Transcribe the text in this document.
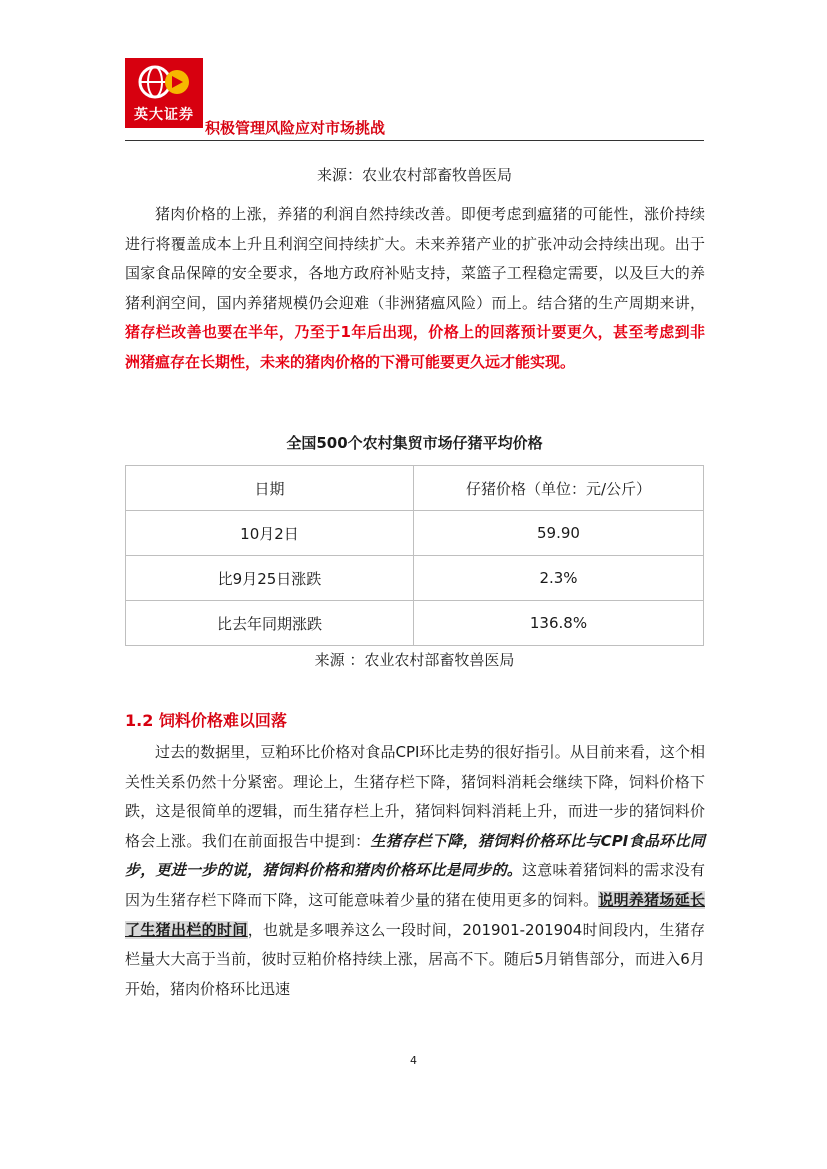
英大证券
积极管理风险应对市场挑战
来源：农业农村部畜牧兽医局
猪肉价格的上涨，养猪的利润自然持续改善。即便考虑到瘟猪的可能性，涨价持续进行将覆盖成本上升且利润空间持续扩大。未来养猪产业的扩张冲动会持续出现。出于国家食品保障的安全要求，各地方政府补贴支持，菜篮子工程稳定需要，以及巨大的养猪利润空间，国内养猪规模仍会迎难（非洲猪瘟风险）而上。结合猪的生产周期来讲，猪存栏改善也要在半年，乃至于1年后出现，价格上的回落预计要更久，甚至考虑到非洲猪瘟存在长期性，未来的猪肉价格的下滑可能要更久远才能实现。
全国500个农村集贸市场仔猪平均价格
日期	仔猪价格（单位：元/公斤）
10月2日	59.90
比9月25日涨跌	2.3%
比去年同期涨跌	136.8%
来源 ：农业农村部畜牧兽医局
1.2 饲料价格难以回落
过去的数据里，豆粕环比价格对食品CPI环比走势的很好指引。从目前来看，这个相关性关系仍然十分紧密。理论上，生猪存栏下降，猪饲料消耗会继续下降，饲料价格下跌，这是很简单的逻辑，而生猪存栏上升，猪饲料饲料消耗上升，而进一步的猪饲料价格会上涨。我们在前面报告中提到：生猪存栏下降，猪饲料价格环比与CPI食品环比同步，更进一步的说，猪饲料价格和猪肉价格环比是同步的。这意味着猪饲料的需求没有因为生猪存栏下降而下降，这可能意味着少量的猪在使用更多的饲料。说明养猪场延长了生猪出栏的时间，也就是多喂养这么一段时间，201901-201904时间段内，生猪存栏量大大高于当前，彼时豆粕价格持续上涨，居高不下。随后5月销售部分，而进入6月开始，猪肉价格环比迅速
4
